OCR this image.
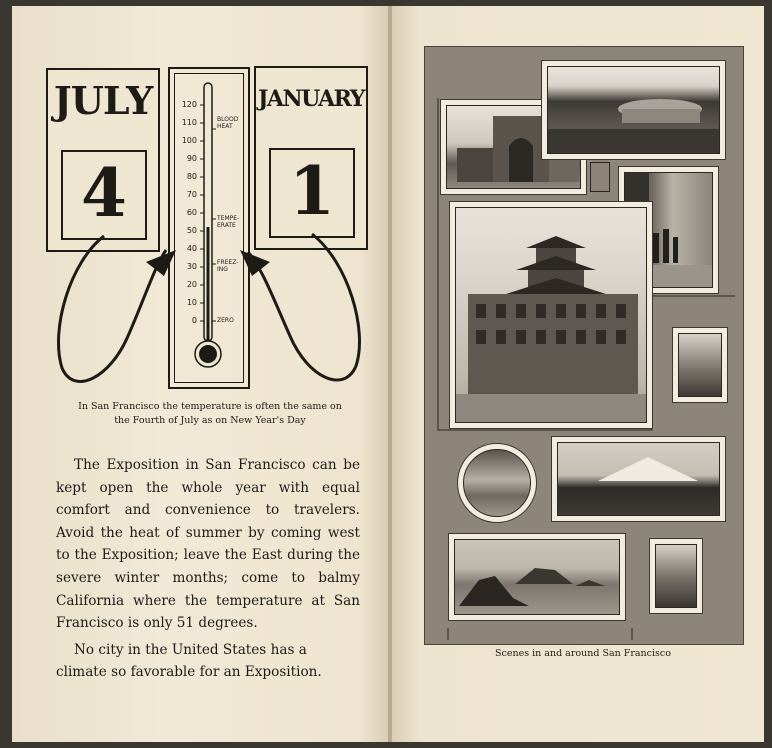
JULY
4
JANUARY
1
120
110
100
90
80
70
60
50
40
30
20
10
0
BLOOD
HEAT
TEMPE-
ERATE
FREEZ-
ING
ZERO
In San Francisco the temperature is often the same on
the Fourth of July as on New Year's Day

The Exposition in San Francisco can be kept open the whole year with equal comfort and convenience to travelers. Avoid the heat of summer by coming west to the Exposition; leave the East during the severe winter months; come to balmy California where the temperature at San Francisco is only 51 degrees.

No city in the United States has a climate so favorable for an Exposition.

Scenes in and around San Francisco
